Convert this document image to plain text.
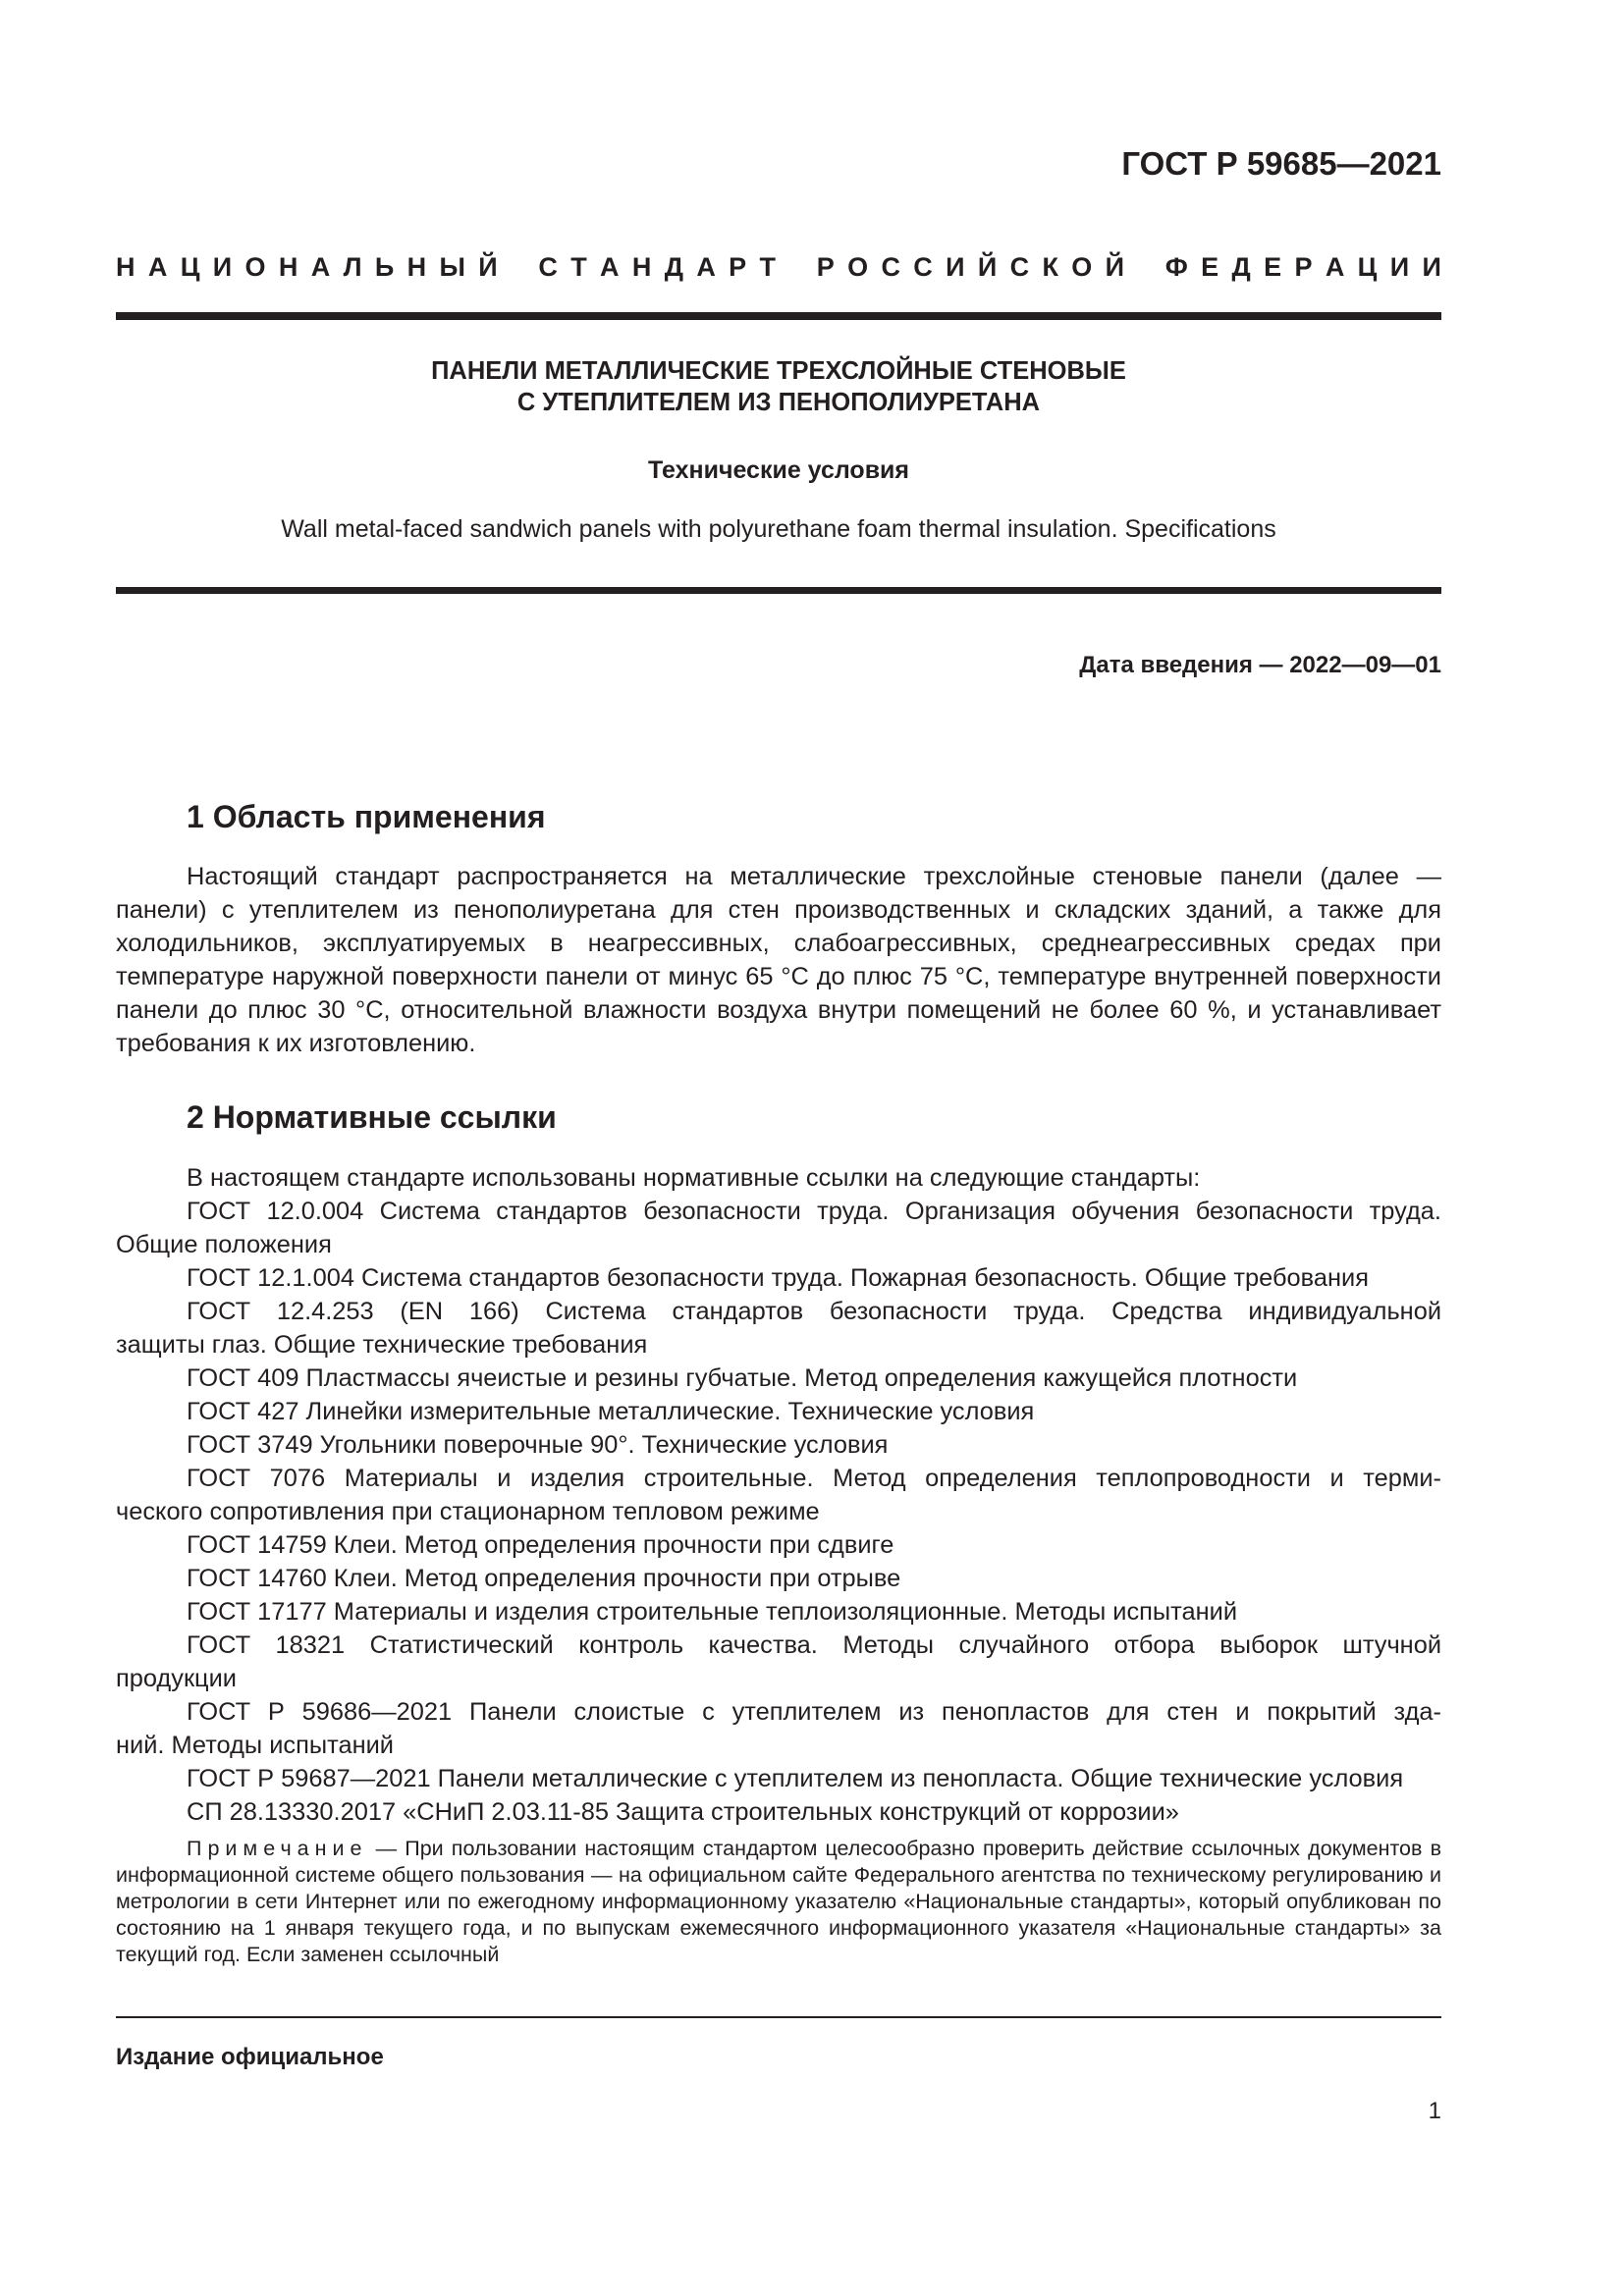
ГОСТ Р 59685—2021
Н А Ц И О Н А Л Ь Н Ы Й
С Т А Н Д А Р Т
Р О С С И Й С К О Й
Ф Е Д Е Р А Ц И И
ПАНЕЛИ МЕТАЛЛИЧЕСКИЕ ТРЕХСЛОЙНЫЕ СТЕНОВЫЕ
С УТЕПЛИТЕЛЕМ ИЗ ПЕНОПОЛИУРЕТАНА
Технические условия
Wall metal-faced sandwich panels with polyurethane foam thermal insulation. Specifications
Дата введения — 2022—09—01
1 Область применения
Настоящий стандарт распространяется на металлические трехслойные стеновые панели (далее — панели) с утеплителем из пенополиуретана для стен производственных и складских зданий, а также для холодильников, эксплуатируемых в неагрессивных, слабоагрессивных, среднеагрессивных средах при температуре наружной поверхности панели от минус 65 °C до плюс 75 °C, температуре внутренней поверхности панели до плюс 30 °C, относительной влажности воздуха внутри помещений не более 60 %, и устанавливает требования к их изготовлению.
2 Нормативные ссылки
В настоящем стандарте использованы нормативные ссылки на следующие стандарты:
ГОСТ 12.0.004 Система стандартов безопасности труда. Организация обучения безопасности труда.
Общие положения
ГОСТ 12.1.004 Система стандартов безопасности труда. Пожарная безопасность. Общие требования
ГОСТ 12.4.253 (EN 166) Система стандартов безопасности труда. Средства индивидуальной
защиты глаз. Общие технические требования
ГОСТ 409 Пластмассы ячеистые и резины губчатые. Метод определения кажущейся плотности
ГОСТ 427 Линейки измерительные металлические. Технические условия
ГОСТ 3749 Угольники поверочные 90°. Технические условия
ГОСТ 7076 Материалы и изделия строительные. Метод определения теплопроводности и терми-
ческого сопротивления при стационарном тепловом режиме
ГОСТ 14759 Клеи. Метод определения прочности при сдвиге
ГОСТ 14760 Клеи. Метод определения прочности при отрыве
ГОСТ 17177 Материалы и изделия строительные теплоизоляционные. Методы испытаний
ГОСТ 18321 Статистический контроль качества. Методы случайного отбора выборок штучной
продукции
ГОСТ Р 59686—2021 Панели слоистые с утеплителем из пенопластов для стен и покрытий зда-
ний. Методы испытаний
ГОСТ Р 59687—2021 Панели металлические с утеплителем из пенопласта. Общие технические условия
СП 28.13330.2017 «СНиП 2.03.11-85 Защита строительных конструкций от коррозии»
Примечание — При пользовании настоящим стандартом целесообразно проверить действие ссылочных документов в информационной системе общего пользования — на официальном сайте Федерального агентства по техническому регулированию и метрологии в сети Интернет или по ежегодному информационному указателю «Национальные стандарты», который опубликован по состоянию на 1 января текущего года, и по выпускам ежемесячного информационного указателя «Национальные стандарты» за текущий год. Если заменен ссылочный
Издание официальное
1
